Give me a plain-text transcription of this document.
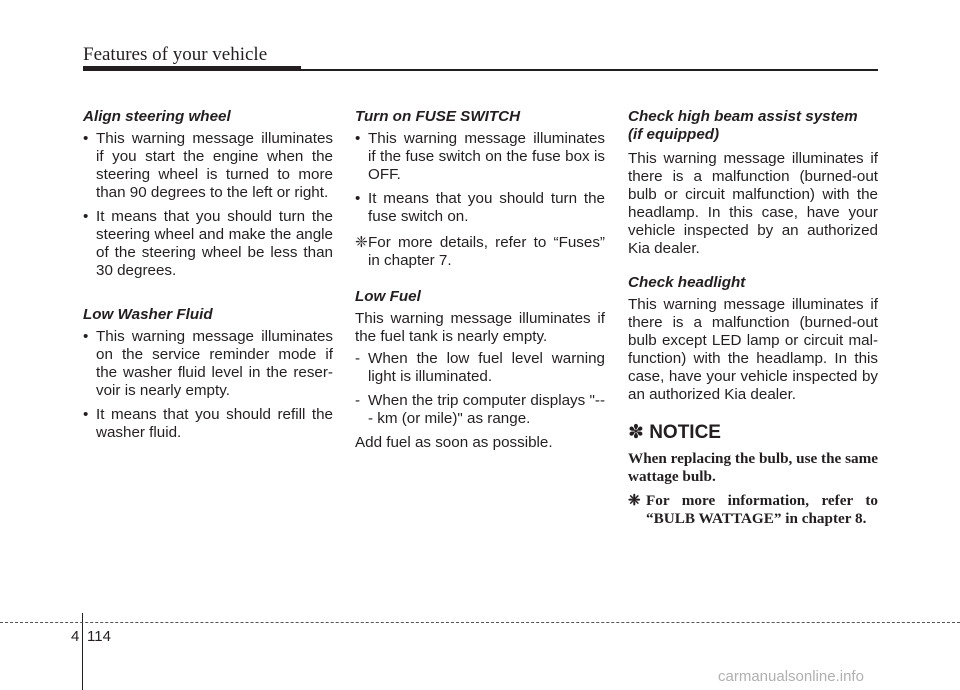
Features of your vehicle
Align steering wheel
• This warning message illuminates if you start the engine when the steering wheel is turned to more than 90 degrees to the left or right.
• It means that you should turn the steering wheel and make the angle of the steering wheel be less than 30 degrees.
Low Washer Fluid
• This warning message illuminates on the service reminder mode if the washer fluid level in the reser-voir is nearly empty.
• It means that you should refill the washer fluid.
Turn on FUSE SWITCH
• This warning message illuminates if the fuse switch on the fuse box is OFF.
• It means that you should turn the fuse switch on.
❈ For more details, refer to “Fuses” in chapter 7.
Low Fuel
This warning message illuminates if the fuel tank is nearly empty.
- When the low fuel level warning light is illuminated.
- When the trip computer displays "--- km (or mile)" as range.
Add fuel as soon as possible.
Check high beam assist system
(if equipped)
This warning message illuminates if there is a malfunction (burned-out bulb or circuit malfunction) with the headlamp. In this case, have your vehicle inspected by an authorized Kia dealer.
Check headlight
This warning message illuminates if there is a malfunction (burned-out bulb except LED lamp or circuit mal-function) with the headlamp. In this case, have your vehicle inspected by an authorized Kia dealer.
✽ NOTICE
When replacing the bulb, use the same wattage bulb.
❈ For more information, refer to “BULB WATTAGE” in chapter 8.
4 114
carmanualsonline.info
